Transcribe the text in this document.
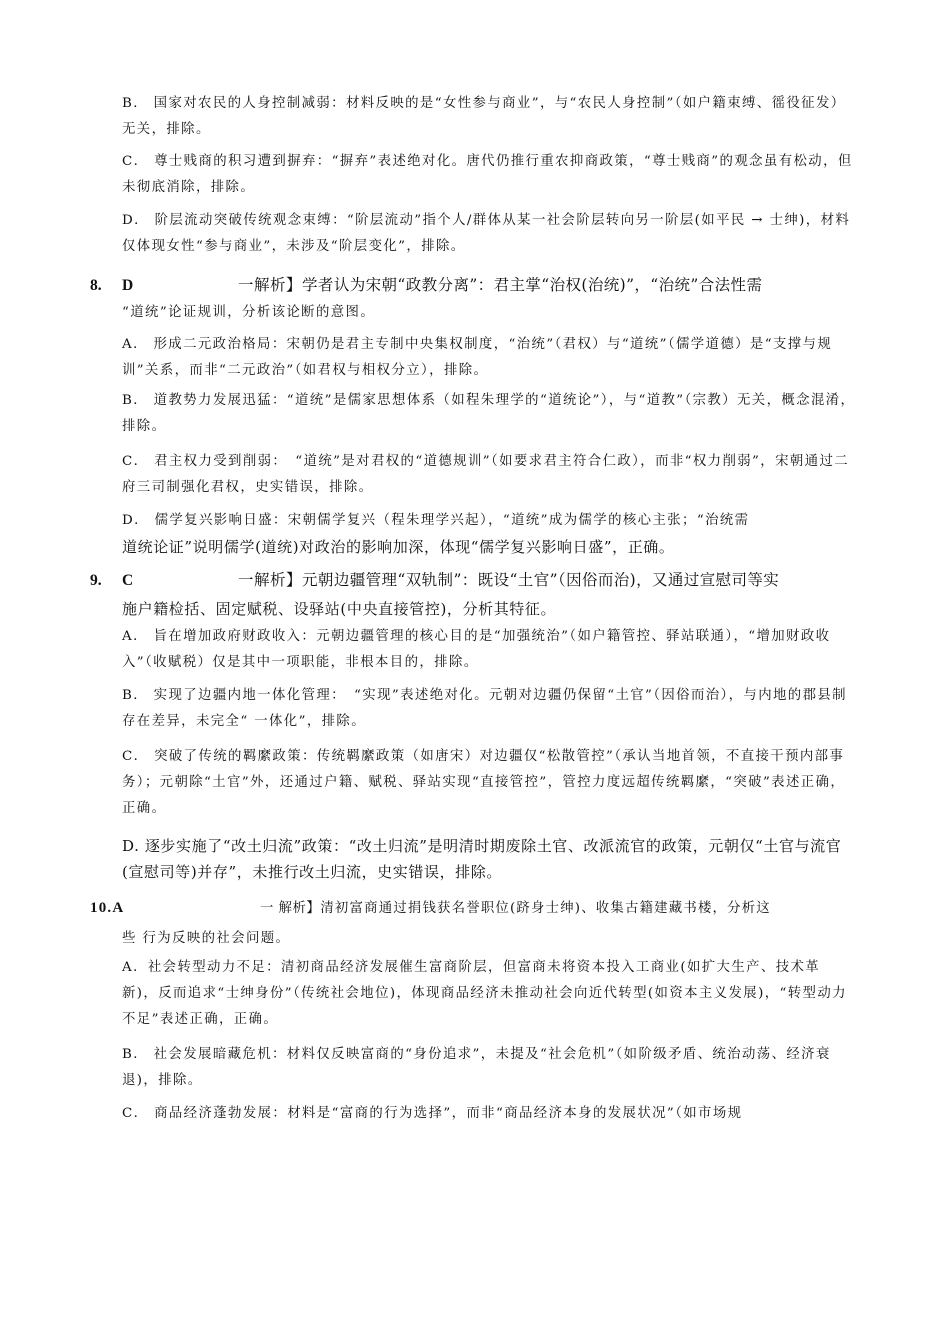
B． 国家对农民的人身控制减弱：材料反映的是“女性参与商业”，与“农民人身控制”（如户籍束缚、徭役征发）无关，排除。

C． 尊士贱商的积习遭到摒弃：“摒弃”表述绝对化。唐代仍推行重农抑商政策，“尊士贱商”的观念虽有松动，但未彻底消除，排除。

D． 阶层流动突破传统观念束缚：“阶层流动”指个人/群体从某一社会阶层转向另一阶层(如平民 → 士绅)，材料仅体现女性“参与商业”，未涉及“阶层变化”，排除。

8. D	一解析】学者认为宋朝“政教分离”：君主掌“治权(治统)”，“治统”合法性需

“道统”论证规训，分析该论断的意图。

A． 形成二元政治格局：宋朝仍是君主专制中央集权制度，“治统”（君权）与“道统”（儒学道德）是“支撑与规训”关系，而非“二元政治”（如君权与相权分立），排除。

B． 道教势力发展迅猛：“道统”是儒家思想体系（如程朱理学的“道统论”），与“道教”（宗教）无关，概念混淆，排除。

C． 君主权力受到削弱：　“道统”是对君权的“道德规训”（如要求君主符合仁政），而非“权力削弱”，宋朝通过二府三司制强化君权，史实错误，排除。

D． 儒学复兴影响日盛：宋朝儒学复兴（程朱理学兴起），“道统”成为儒学的核心主张；“治统需

道统论证”说明儒学(道统)对政治的影响加深，体现“儒学复兴影响日盛”，正确。

9. C	一解析】元朝边疆管理“双轨制”：既设“土官”（因俗而治)，又通过宣慰司等实

施户籍检括、固定赋税、设驿站(中央直接管控)，分析其特征。

A． 旨在增加政府财政收入：元朝边疆管理的核心目的是“加强统治”（如户籍管控、驿站联通），“增加财政收入”（收赋税）仅是其中一项职能，非根本目的，排除。

B． 实现了边疆内地一体化管理：　“实现”表述绝对化。元朝对边疆仍保留“土官”（因俗而治），与内地的郡县制存在差异，未完全“ 一体化”，排除。

C． 突破了传统的羁縻政策：传统羁縻政策（如唐宋）对边疆仅“松散管控”（承认当地首领，不直接干预内部事务）；元朝除“土官”外，还通过户籍、赋税、驿站实现“直接管控”，管控力度远超传统羁縻，“突破”表述正确，正确。

D. 逐步实施了“改土归流”政策：“改土归流”是明清时期废除土官、改派流官的政策，元朝仅“土官与流官(宣慰司等)并存”，未推行改土归流，史实错误，排除。

10.A	一 解析】清初富商通过捐钱获名誉职位(跻身士绅)、收集古籍建藏书楼，分析这

些 行为反映的社会问题。

A．社会转型动力不足：清初商品经济发展催生富商阶层，但富商未将资本投入工商业(如扩大生产、技术革新)，反而追求“士绅身份”（传统社会地位)，体现商品经济未推动社会向近代转型(如资本主义发展)，“转型动力不足”表述正确，正确。

B． 社会发展暗藏危机：材料仅反映富商的“身份追求”，未提及“社会危机”（如阶级矛盾、统治动荡、经济衰退)，排除。

C． 商品经济蓬勃发展：材料是“富商的行为选择”，而非“商品经济本身的发展状况”（如市场规
